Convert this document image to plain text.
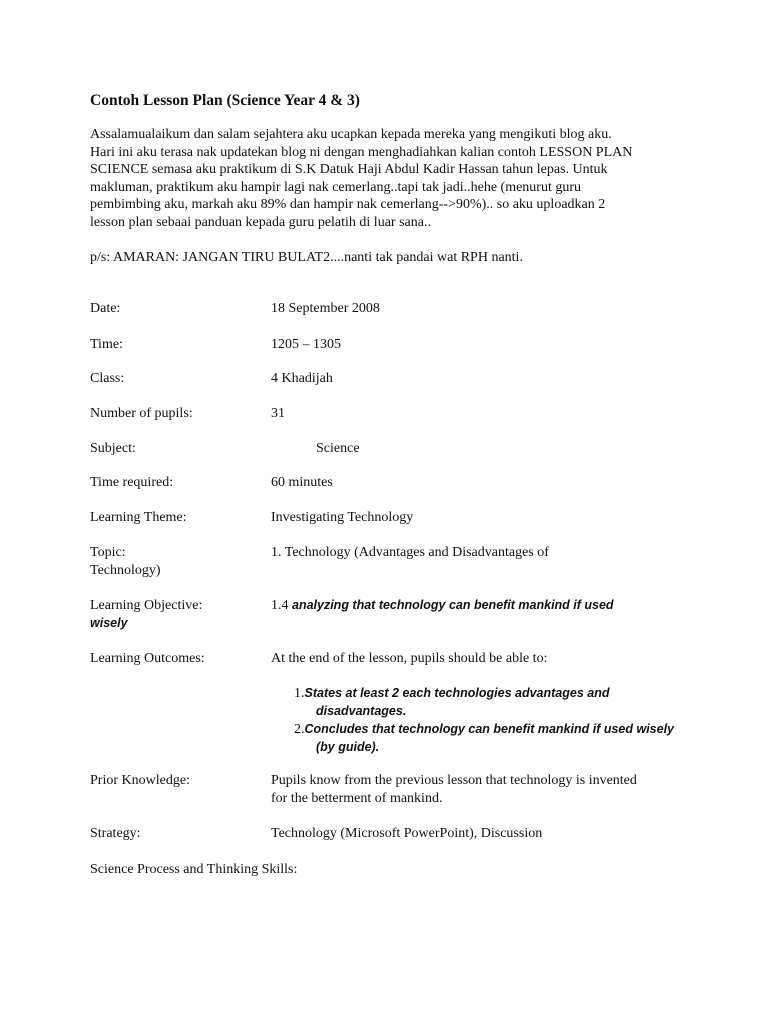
Contoh Lesson Plan (Science Year 4 & 3)
Assalamualaikum dan salam sejahtera aku ucapkan kepada mereka yang mengikuti blog aku.
Hari ini aku terasa nak updatekan blog ni dengan menghadiahkan kalian contoh LESSON PLAN
SCIENCE semasa aku praktikum di S.K Datuk Haji Abdul Kadir Hassan tahun lepas. Untuk
makluman, praktikum aku hampir lagi nak cemerlang..tapi tak jadi..hehe (menurut guru
pembimbing aku, markah aku 89% dan hampir nak cemerlang-->90%).. so aku uploadkan 2
lesson plan sebaai panduan kepada guru pelatih di luar sana..
p/s: AMARAN: JANGAN TIRU BULAT2....nanti tak pandai wat RPH nanti.
Date:	18 September 2008
Time:	1205 – 1305
Class:	4 Khadijah
Number of pupils:	31
Subject:	Science
Time required:	60 minutes
Learning Theme:	Investigating Technology
Topic:	1. Technology (Advantages and Disadvantages of
Technology)
Learning Objective:	1.4 analyzing that technology can benefit mankind if used
wisely
Learning Outcomes:	At the end of the lesson, pupils should be able to:
1.States at least 2 each technologies advantages and
disadvantages.
2.Concludes that technology can benefit mankind if used wisely
(by guide).
Prior Knowledge:	Pupils know from the previous lesson that technology is invented
for the betterment of mankind.
Strategy:	Technology (Microsoft PowerPoint), Discussion
Science Process and Thinking Skills:
